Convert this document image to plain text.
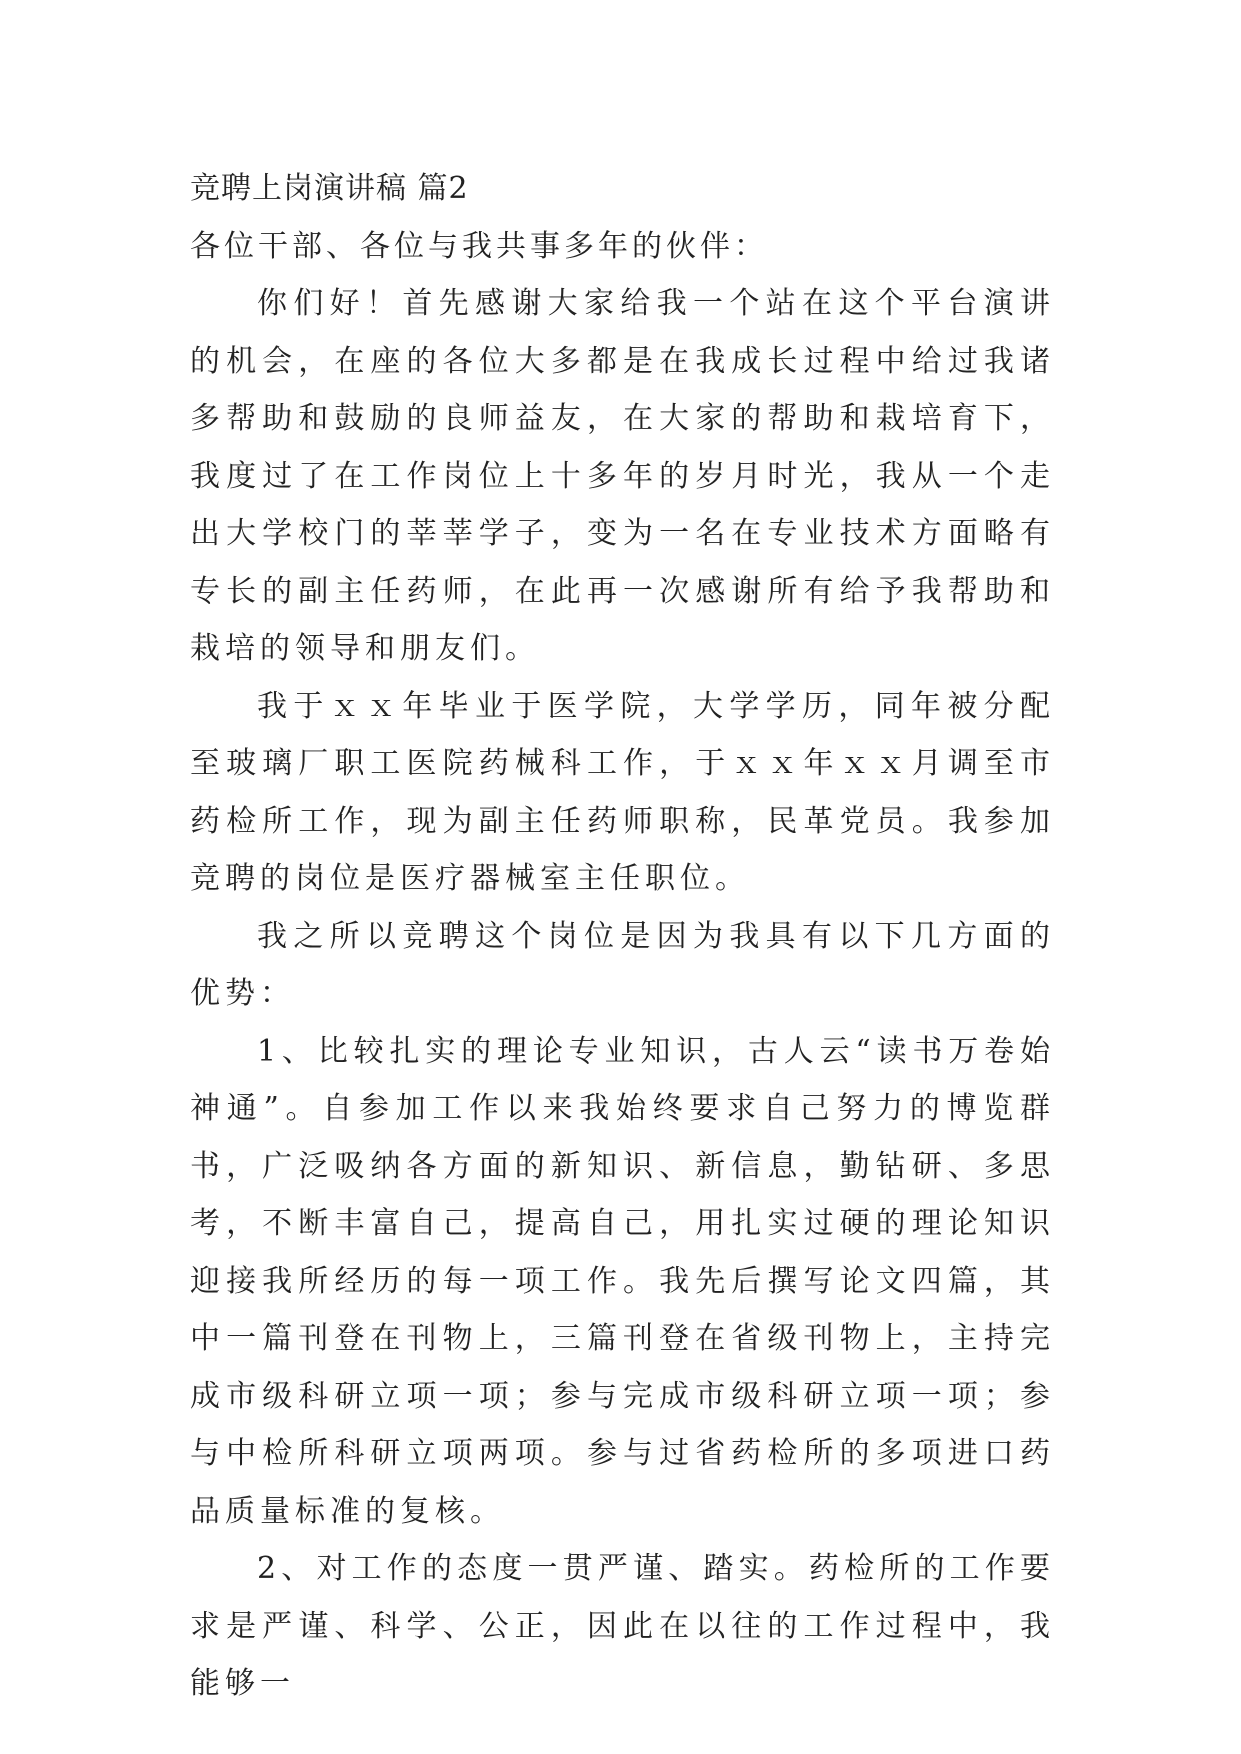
竞聘上岗演讲稿 篇2

各位干部、各位与我共事多年的伙伴：

你们好！首先感谢大家给我一个站在这个平台演讲的机会，在座的各位大多都是在我成长过程中给过我诸多帮助和鼓励的良师益友，在大家的帮助和栽培育下，我度过了在工作岗位上十多年的岁月时光，我从一个走出大学校门的莘莘学子，变为一名在专业技术方面略有专长的副主任药师，在此再一次感谢所有给予我帮助和栽培的领导和朋友们。

我于ｘｘ年毕业于医学院，大学学历，同年被分配至玻璃厂职工医院药械科工作，于ｘｘ年ｘｘ月调至市药检所工作，现为副主任药师职称，民革党员。我参加竞聘的岗位是医疗器械室主任职位。

我之所以竞聘这个岗位是因为我具有以下几方面的优势：

1、比较扎实的理论专业知识，古人云“读书万卷始神通”。自参加工作以来我始终要求自己努力的博览群书，广泛吸纳各方面的新知识、新信息，勤钻研、多思考，不断丰富自己，提高自己，用扎实过硬的理论知识迎接我所经历的每一项工作。我先后撰写论文四篇，其中一篇刊登在刊物上，三篇刊登在省级刊物上，主持完成市级科研立项一项；参与完成市级科研立项一项；参与中检所科研立项两项。参与过省药检所的多项进口药品质量标准的复核。

2、对工作的态度一贯严谨、踏实。药检所的工作要求是严谨、科学、公正，因此在以往的工作过程中，我能够一
